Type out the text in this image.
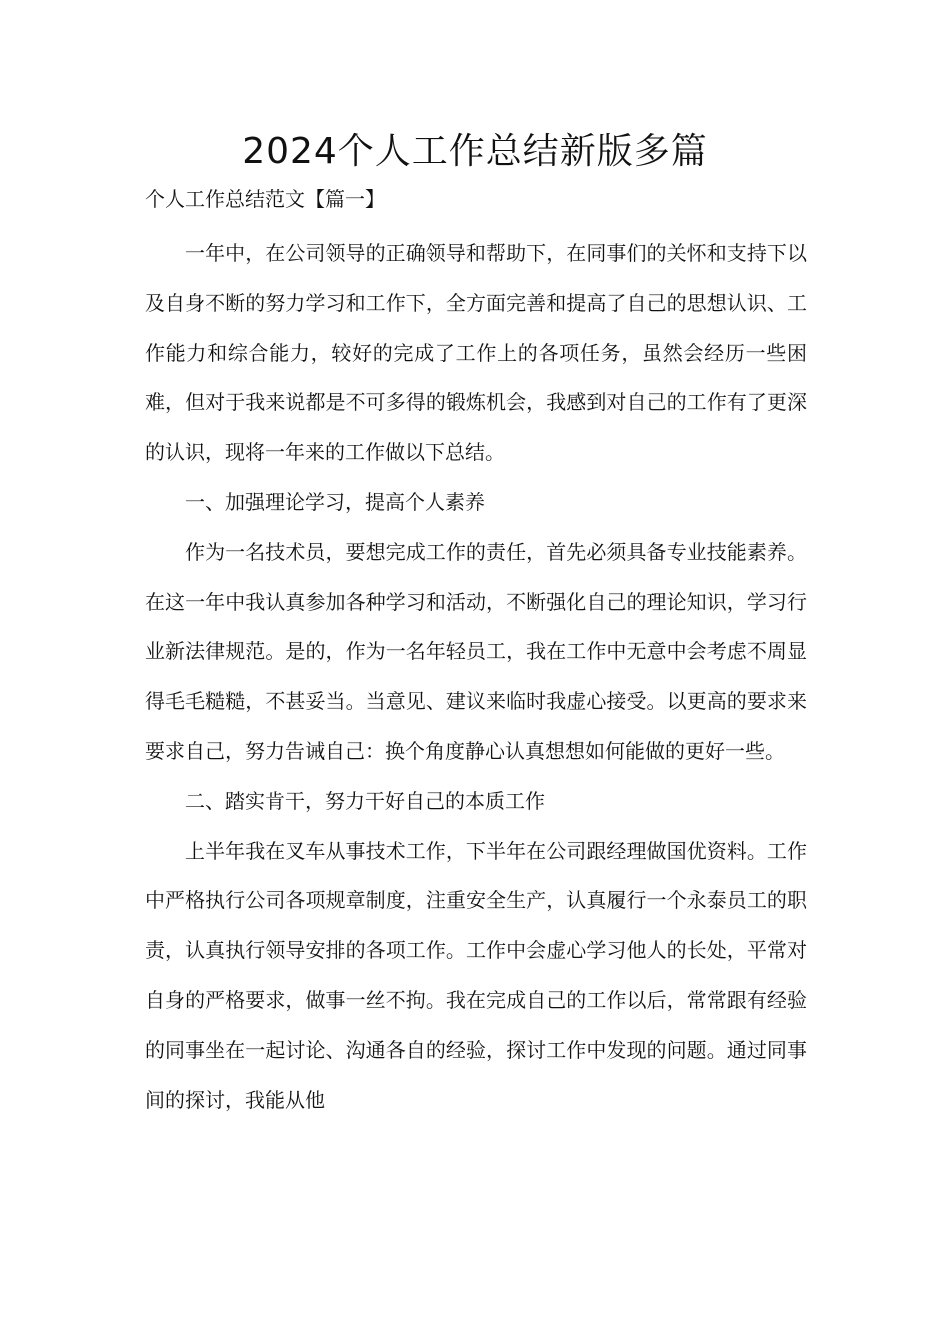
2024个人工作总结新版多篇
个人工作总结范文【篇一】

一年中，在公司领导的正确领导和帮助下，在同事们的关怀和支持下以及自身不断的努力学习和工作下，全方面完善和提高了自己的思想认识、工作能力和综合能力，较好的完成了工作上的各项任务，虽然会经历一些困难，但对于我来说都是不可多得的锻炼机会，我感到对自己的工作有了更深的认识，现将一年来的工作做以下总结。

一、加强理论学习，提高个人素养

作为一名技术员，要想完成工作的责任，首先必须具备专业技能素养。在这一年中我认真参加各种学习和活动，不断强化自己的理论知识，学习行业新法律规范。是的，作为一名年轻员工，我在工作中无意中会考虑不周显得毛毛糙糙，不甚妥当。当意见、建议来临时我虚心接受。以更高的要求来要求自己，努力告诫自己：换个角度静心认真想想如何能做的更好一些。

二、踏实肯干，努力干好自己的本质工作

上半年我在叉车从事技术工作，下半年在公司跟经理做国优资料。工作中严格执行公司各项规章制度，注重安全生产，认真履行一个永泰员工的职责，认真执行领导安排的各项工作。工作中会虚心学习他人的长处，平常对自身的严格要求，做事一丝不拘。我在完成自己的工作以后，常常跟有经验的同事坐在一起讨论、沟通各自的经验，探讨工作中发现的问题。通过同事间的探讨，我能从他
